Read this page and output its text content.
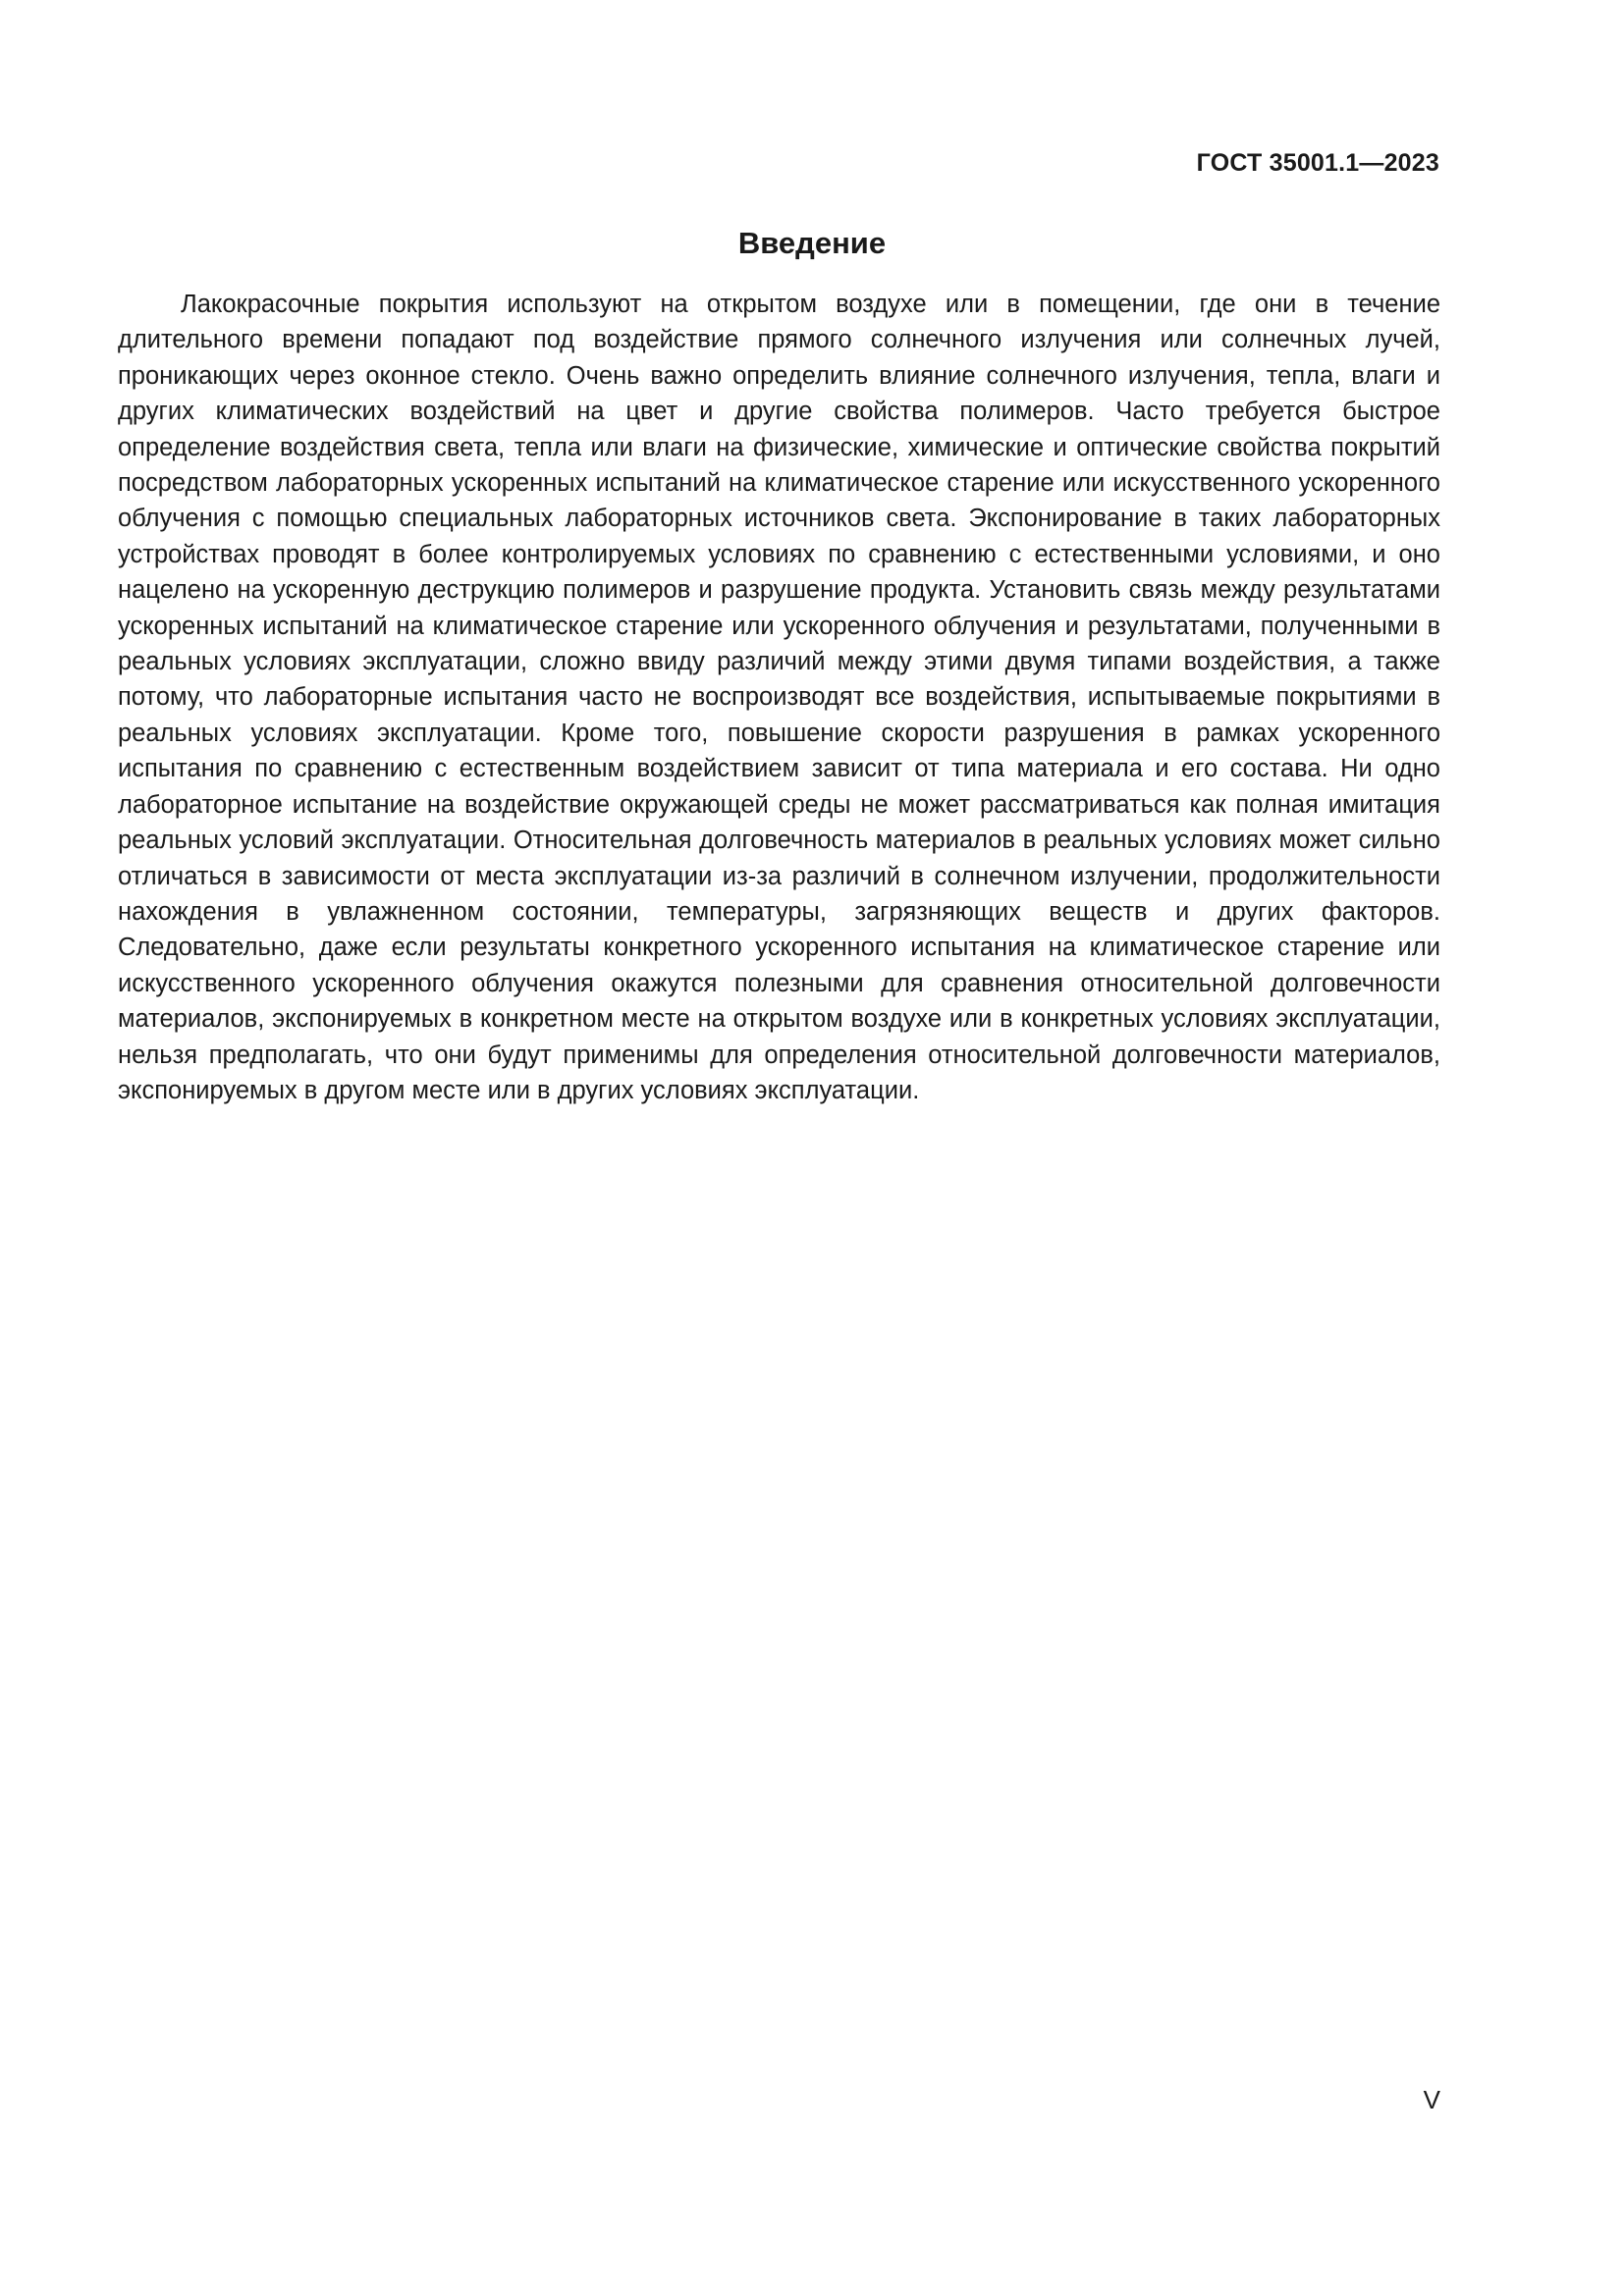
ГОСТ 35001.1—2023
Введение

Лакокрасочные покрытия используют на открытом воздухе или в помещении, где они в течение длительного времени попадают под воздействие прямого солнечного излучения или солнечных лучей, проникающих через оконное стекло. Очень важно определить влияние солнечного излучения, тепла, влаги и других климатических воздействий на цвет и другие свойства полимеров. Часто требуется быстрое определение воздействия света, тепла или влаги на физические, химические и оптические свойства покрытий посредством лабораторных ускоренных испытаний на климатическое старение или искусственного ускоренного облучения с помощью специальных лабораторных источников света. Экспонирование в таких лабораторных устройствах проводят в более контролируемых условиях по сравнению с естественными условиями, и оно нацелено на ускоренную деструкцию полимеров и разрушение продукта. Установить связь между результатами ускоренных испытаний на климатическое старение или ускоренного облучения и результатами, полученными в реальных условиях эксплуатации, сложно ввиду различий между этими двумя типами воздействия, а также потому, что лабораторные испытания часто не воспроизводят все воздействия, испытываемые покрытиями в реальных условиях эксплуатации. Кроме того, повышение скорости разрушения в рамках ускоренного испытания по сравнению с естественным воздействием зависит от типа материала и его состава. Ни одно лабораторное испытание на воздействие окружающей среды не может рассматриваться как полная имитация реальных условий эксплуатации. Относительная долговечность материалов в реальных условиях может сильно отличаться в зависимости от места эксплуатации из-за различий в солнечном излучении, продолжительности нахождения в увлажненном состоянии, температуры, загрязняющих веществ и других факторов. Следовательно, даже если результаты конкретного ускоренного испытания на климатическое старение или искусственного ускоренного облучения окажутся полезными для сравнения относительной долговечности материалов, экспонируемых в конкретном месте на открытом воздухе или в конкретных условиях эксплуатации, нельзя предполагать, что они будут применимы для определения относительной долговечности материалов, экспонируемых в другом месте или в других условиях эксплуатации.

V
